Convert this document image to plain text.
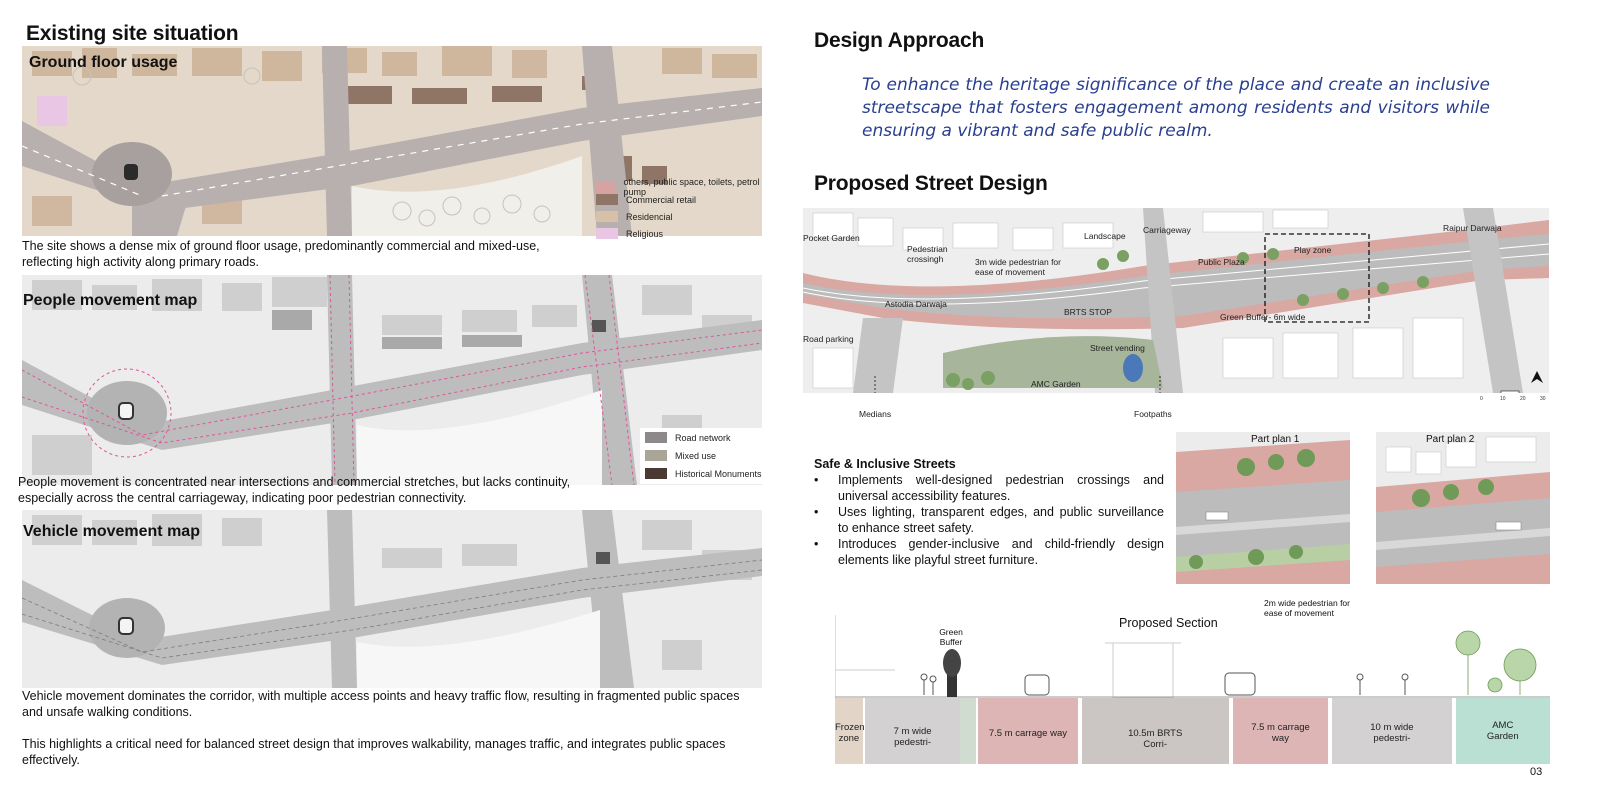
Existing site situation
Ground floor usage
others, public space, toilets, petrol pump
Commercial retail
Residencial
Religious
The site shows a dense mix of ground floor usage, predominantly commercial and mixed-use, reflecting high activity along primary roads.
People movement map
Road network
Mixed use
Historical Monuments
People movement is concentrated near intersections and commercial stretches, but lacks continuity, especially across the central carriageway, indicating poor pedestrian connectivity.
Vehicle movement map
Vehicle movement dominates the corridor, with multiple access points and heavy traffic flow, resulting in fragmented public spaces and unsafe walking conditions.
This highlights a critical need for balanced street design that improves walkability, manages traffic, and integrates public spaces effectively.
Design Approach
To enhance the heritage significance of the place and create an inclusive streetscape that fosters engagement among residents and visitors while ensuring a vibrant and safe public realm.
Proposed Street Design
Pocket Garden
Pedestrian crossingh	3m wide pedestrian for ease of movement
Landscape
Carriageway
Public Plaza
Play zone
Raipur Darwaja
Astodia Darwaja
BRTS STOP	Green Buffer- 6m wide
Road parking
Street vending
AMC Garden
Medians	Footpaths
0	10	20	30
Safe & Inclusive Streets
• Implements well-designed pedestrian crossings and universal accessibility features.
• Uses lighting, transparent edges, and public surveillance to enhance street safety.
• Introduces gender-inclusive and child-friendly design elements like playful street furniture.
Part plan 1	Part plan 2
2m wide pedestrian for ease of movement
Proposed Section
Green Buffer
Frozen zone
7 m wide pedestri-
7.5 m carrage way	10.5m BRTS Corri-
7.5 m carrage way
10 m wide pedestri-
AMC Garden
03
